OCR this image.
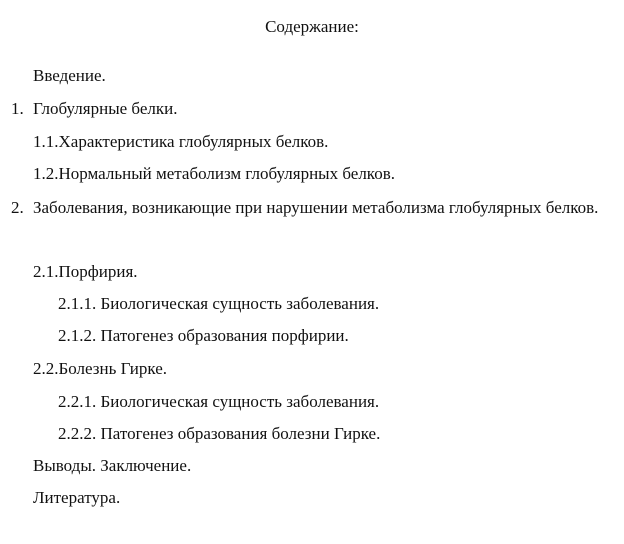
Содержание:
Введение.
1. Глобулярные белки.
1.1.Характеристика глобулярных белков.
1.2.Нормальный метаболизм глобулярных белков.
2. Заболевания, возникающие при нарушении метаболизма глобулярных белков.
2.1.Порфирия.
2.1.1. Биологическая сущность заболевания.
2.1.2. Патогенез образования порфирии.
2.2.Болезнь Гирке.
2.2.1. Биологическая сущность заболевания.
2.2.2. Патогенез образования болезни Гирке.
Выводы. Заключение.
Литература.
